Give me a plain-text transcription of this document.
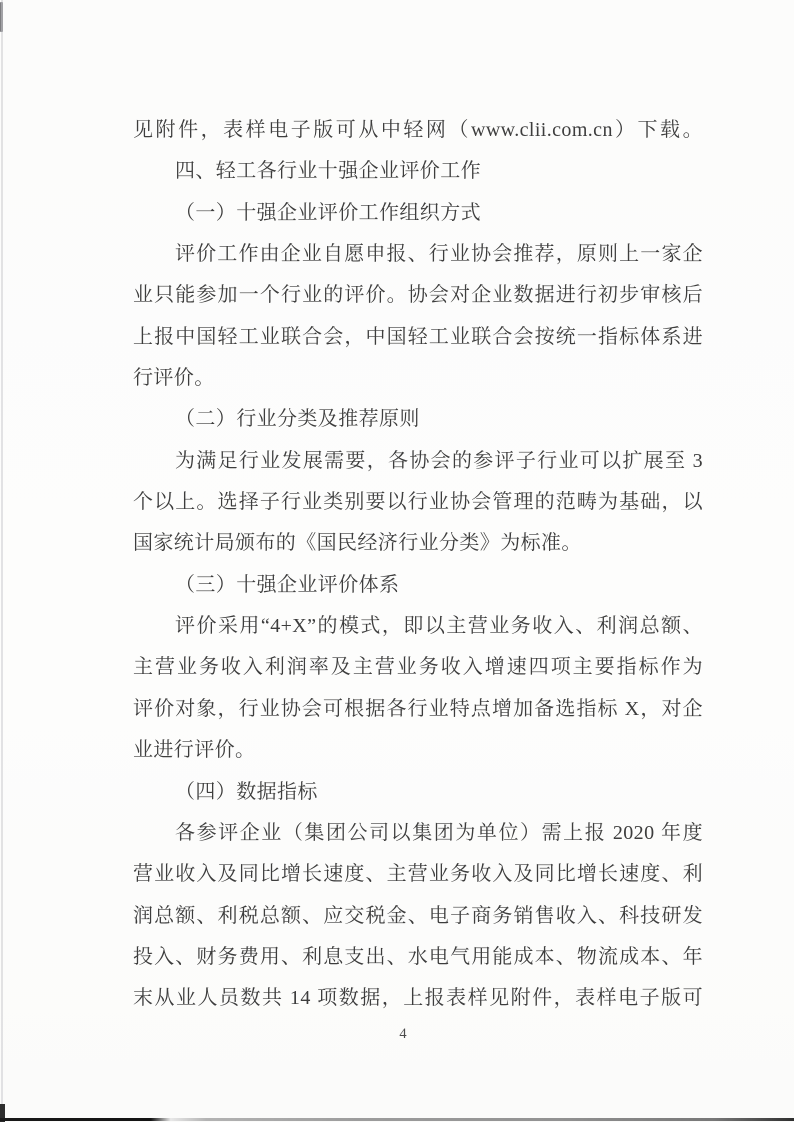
见附件，表样电子版可从中轻网（www.clii.com.cn）下载。
四、轻工各行业十强企业评价工作
（一）十强企业评价工作组织方式
评价工作由企业自愿申报、行业协会推荐，原则上一家企
业只能参加一个行业的评价。协会对企业数据进行初步审核后
上报中国轻工业联合会，中国轻工业联合会按统一指标体系进
行评价。
（二）行业分类及推荐原则
为满足行业发展需要，各协会的参评子行业可以扩展至 3
个以上。选择子行业类别要以行业协会管理的范畴为基础，以
国家统计局颁布的《国民经济行业分类》为标准。
（三）十强企业评价体系
评价采用“4+X”的模式，即以主营业务收入、利润总额、
主营业务收入利润率及主营业务收入增速四项主要指标作为
评价对象，行业协会可根据各行业特点增加备选指标 X，对企
业进行评价。
（四）数据指标
各参评企业（集团公司以集团为单位）需上报 2020 年度
营业收入及同比增长速度、主营业务收入及同比增长速度、利
润总额、利税总额、应交税金、电子商务销售收入、科技研发
投入、财务费用、利息支出、水电气用能成本、物流成本、年
末从业人员数共 14 项数据，上报表样见附件，表样电子版可
4
